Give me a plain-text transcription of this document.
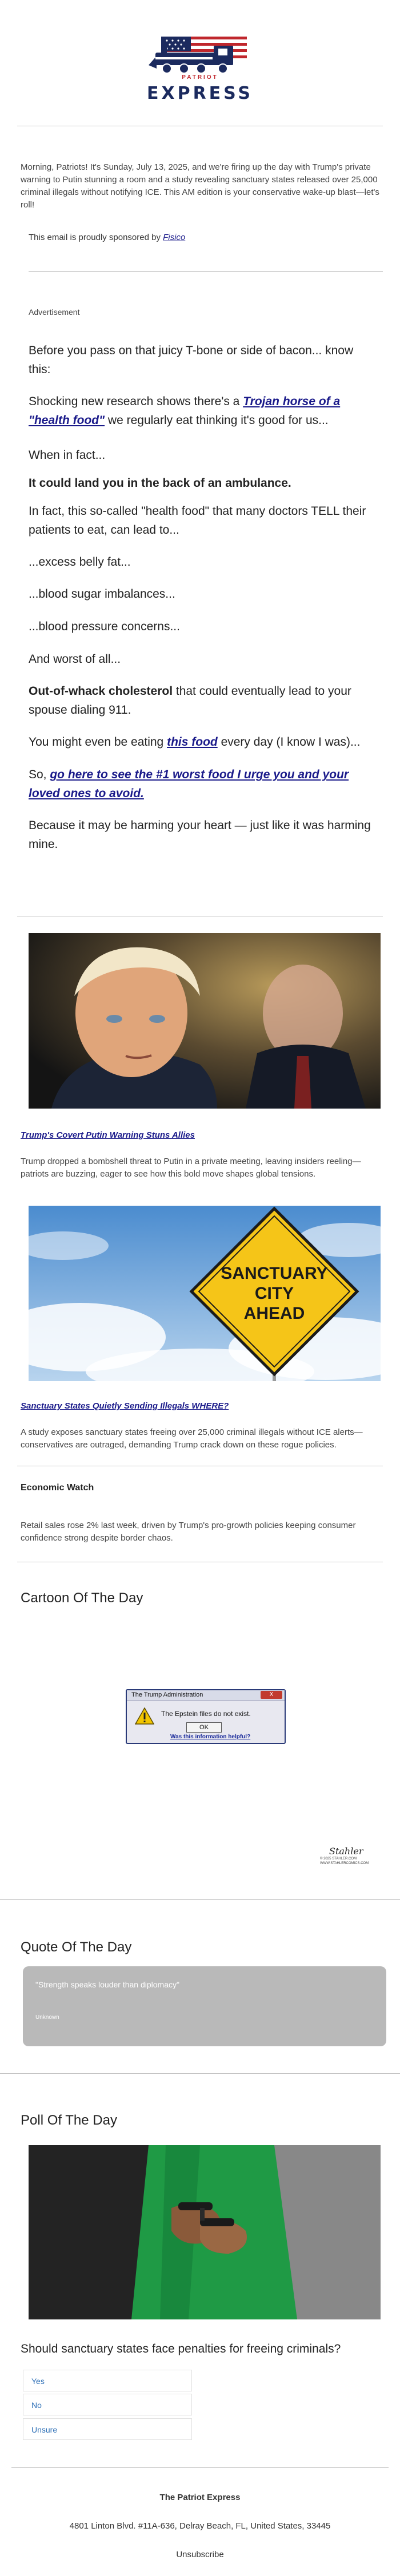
PATRIOT
EXPRESS
Morning, Patriots! It's Sunday, July 13, 2025, and we're firing up the day with Trump's private warning to Putin stunning a room and a study revealing sanctuary states released over 25,000 criminal illegals without notifying ICE. This AM edition is your conservative wake-up blast—let's roll!
This email is proudly sponsored by Fisico
Advertisement
Before you pass on that juicy T-bone or side of bacon... know this:
Shocking new research shows there's a Trojan horse of a "health food" we regularly eat thinking it's good for us...
When in fact...
It could land you in the back of an ambulance.
In fact, this so-called "health food" that many doctors TELL their patients to eat, can lead to...
...excess belly fat...
...blood sugar imbalances...
...blood pressure concerns...
And worst of all...
Out-of-whack cholesterol that could eventually lead to your spouse dialing 911.
You might even be eating this food every day (I know I was)...
So, go here to see the #1 worst food I urge you and your loved ones to avoid.
Because it may be harming your heart — just like it was harming mine.
Trump's Covert Putin Warning Stuns Allies
Trump dropped a bombshell threat to Putin in a private meeting, leaving insiders reeling—patriots are buzzing, eager to see how this bold move shapes global tensions.
SANCTUARY
CITY
AHEAD
Sanctuary States Quietly Sending Illegals WHERE?
A study exposes sanctuary states freeing over 25,000 criminal illegals without ICE alerts—conservatives are outraged, demanding Trump crack down on these rogue policies.
Economic Watch
Retail sales rose 2% last week, driven by Trump's pro-growth policies keeping consumer confidence strong despite border chaos.
Cartoon Of The Day
The Trump Administration	X
The Epstein files do not exist.
OK
Was this information helpful?
Stahler
© 2025 STAHLER.COM
WWW.STAHLERCOMICS.COM
Quote Of The Day
"Strength speaks louder than diplomacy"
Unknown
Poll Of The Day
Should sanctuary states face penalties for freeing criminals?
Yes
No
Unsure
The Patriot Express
4801 Linton Blvd. #11A-636, Delray Beach, FL, United States, 33445
Unsubscribe
